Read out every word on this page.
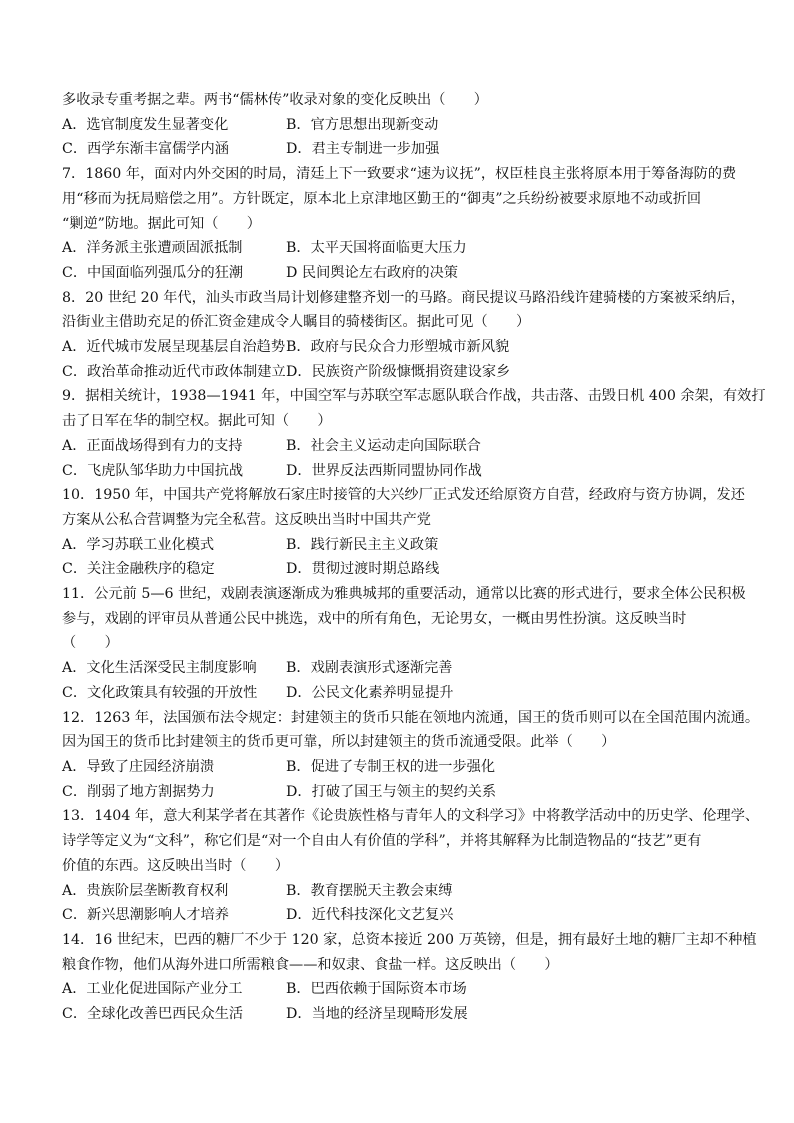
多收录专重考据之辈。两书“儒林传”收录对象的变化反映出（　　）
A．选官制度发生显著变化	B．官方思想出现新变动
C．西学东渐丰富儒学内涵	D．君主专制进一步加强
7．1860 年，面对内外交困的时局，清廷上下一致要求“速为议抚”，权臣桂良主张将原本用于筹备海防的费
用“移而为抚局赔偿之用”。方针既定，原本北上京津地区勤王的“御夷”之兵纷纷被要求原地不动或折回
“剿逆”防地。据此可知（　　）
A．洋务派主张遭顽固派抵制	B．太平天国将面临更大压力
C．中国面临列强瓜分的狂潮	D 民间舆论左右政府的决策
8．20 世纪 20 年代，汕头市政当局计划修建整齐划一的马路。商民提议马路沿线许建骑楼的方案被采纳后，
沿街业主借助充足的侨汇资金建成令人瞩目的骑楼街区。据此可见（　　）
A．近代城市发展呈现基层自治趋势 B．政府与民众合力形塑城市新风貌
C．政治革命推动近代市政体制建立 D．民族资产阶级慷慨捐资建设家乡
9．据相关统计，1938—1941 年，中国空军与苏联空军志愿队联合作战，共击落、击毁日机 400 余架，有效打
击了日军在华的制空权。据此可知（　　）
A．正面战场得到有力的支持	B．社会主义运动走向国际联合
C．飞虎队邹华助力中国抗战	D．世界反法西斯同盟协同作战
10．1950 年，中国共产党将解放石家庄时接管的大兴纱厂正式发还给原资方自营，经政府与资方协调，发还
方案从公私合营调整为完全私营。这反映出当时中国共产党
A．学习苏联工业化模式	B．践行新民主主义政策
C．关注金融秩序的稳定	D．贯彻过渡时期总路线
11．公元前 5—6 世纪，戏剧表演逐渐成为雅典城邦的重要活动，通常以比赛的形式进行，要求全体公民积极
参与，戏剧的评审员从普通公民中挑选，戏中的所有角色，无论男女，一概由男性扮演。这反映当时
（　　）
A．文化生活深受民主制度影响	B．戏剧表演形式逐渐完善
C．文化政策具有较强的开放性	D．公民文化素养明显提升
12．1263 年，法国颁布法令规定：封建领主的货币只能在领地内流通，国王的货币则可以在全国范围内流通。
因为国王的货币比封建领主的货币更可靠，所以封建领主的货币流通受限。此举（　　）
A．导致了庄园经济崩溃	B．促进了专制王权的进一步强化
C．削弱了地方割据势力	D．打破了国王与领主的契约关系
13．1404 年，意大利某学者在其著作《论贵族性格与青年人的文科学习》中将教学活动中的历史学、伦理学、
诗学等定义为“文科”，称它们是“对一个自由人有价值的学科”，并将其解释为比制造物品的“技艺”更有
价值的东西。这反映出当时（　　）
A．贵族阶层垄断教育权利	B．教育摆脱天主教会束缚
C．新兴思潮影响人才培养	D．近代科技深化文艺复兴
14．16 世纪末，巴西的糖厂不少于 120 家，总资本接近 200 万英镑，但是，拥有最好土地的糖厂主却不种植
粮食作物，他们从海外进口所需粮食——和奴隶、食盐一样。这反映出（　　）
A．工业化促进国际产业分工	B．巴西依赖于国际资本市场
C．全球化改善巴西民众生活	D．当地的经济呈现畸形发展
